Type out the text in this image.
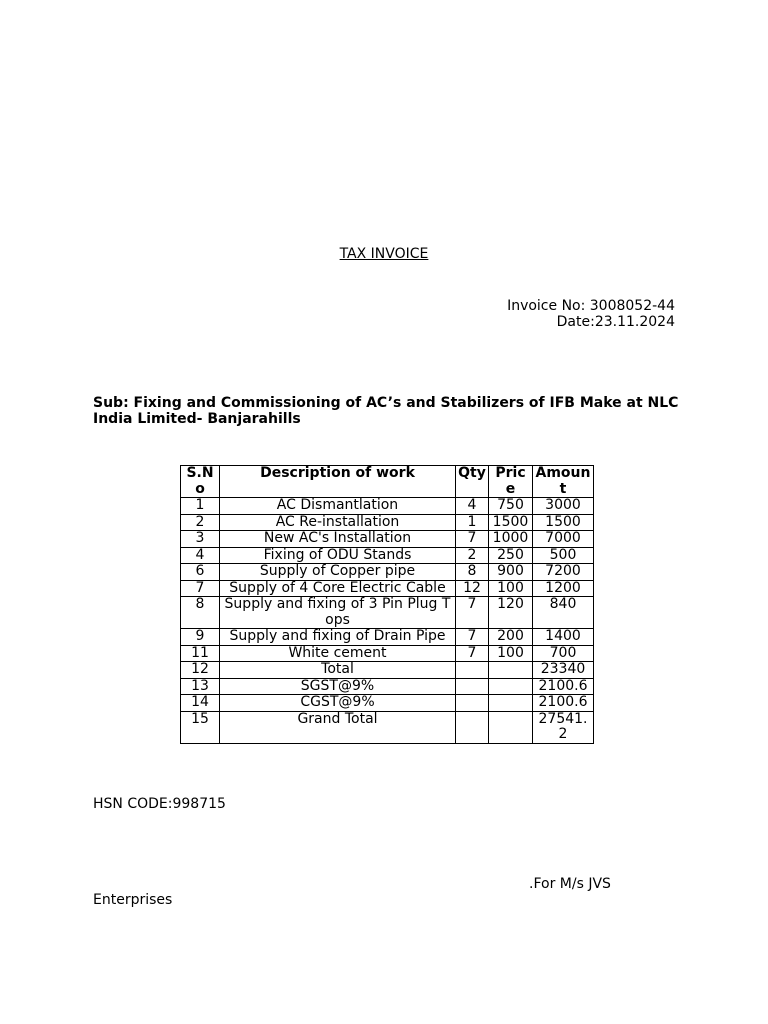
TAX INVOICE
Invoice No: 3008052-44
Date:23.11.2024
Sub: Fixing and Commissioning of AC’s and Stabilizers of IFB Make at NLC India Limited- Banjarahills
S.No	Description of work	Qty	Price	Amount
1	AC Dismantlation	4	750	3000
2	AC Re-installation	1	1500	1500
3	New AC's Installation	7	1000	7000
4	Fixing of ODU Stands	2	250	500
6	Supply of Copper pipe	8	900	7200
7	Supply of 4 Core Electric Cable	12	100	1200
8	Supply and fixing of 3 Pin Plug Tops	7	120	840
9	Supply and fixing of Drain Pipe	7	200	1400
11	White cement	7	100	700
12	Total			23340
13	SGST@9%			2100.6
14	CGST@9%			2100.6
15	Grand Total			27541.2
HSN CODE:998715
.For M/s JVS
Enterprises
